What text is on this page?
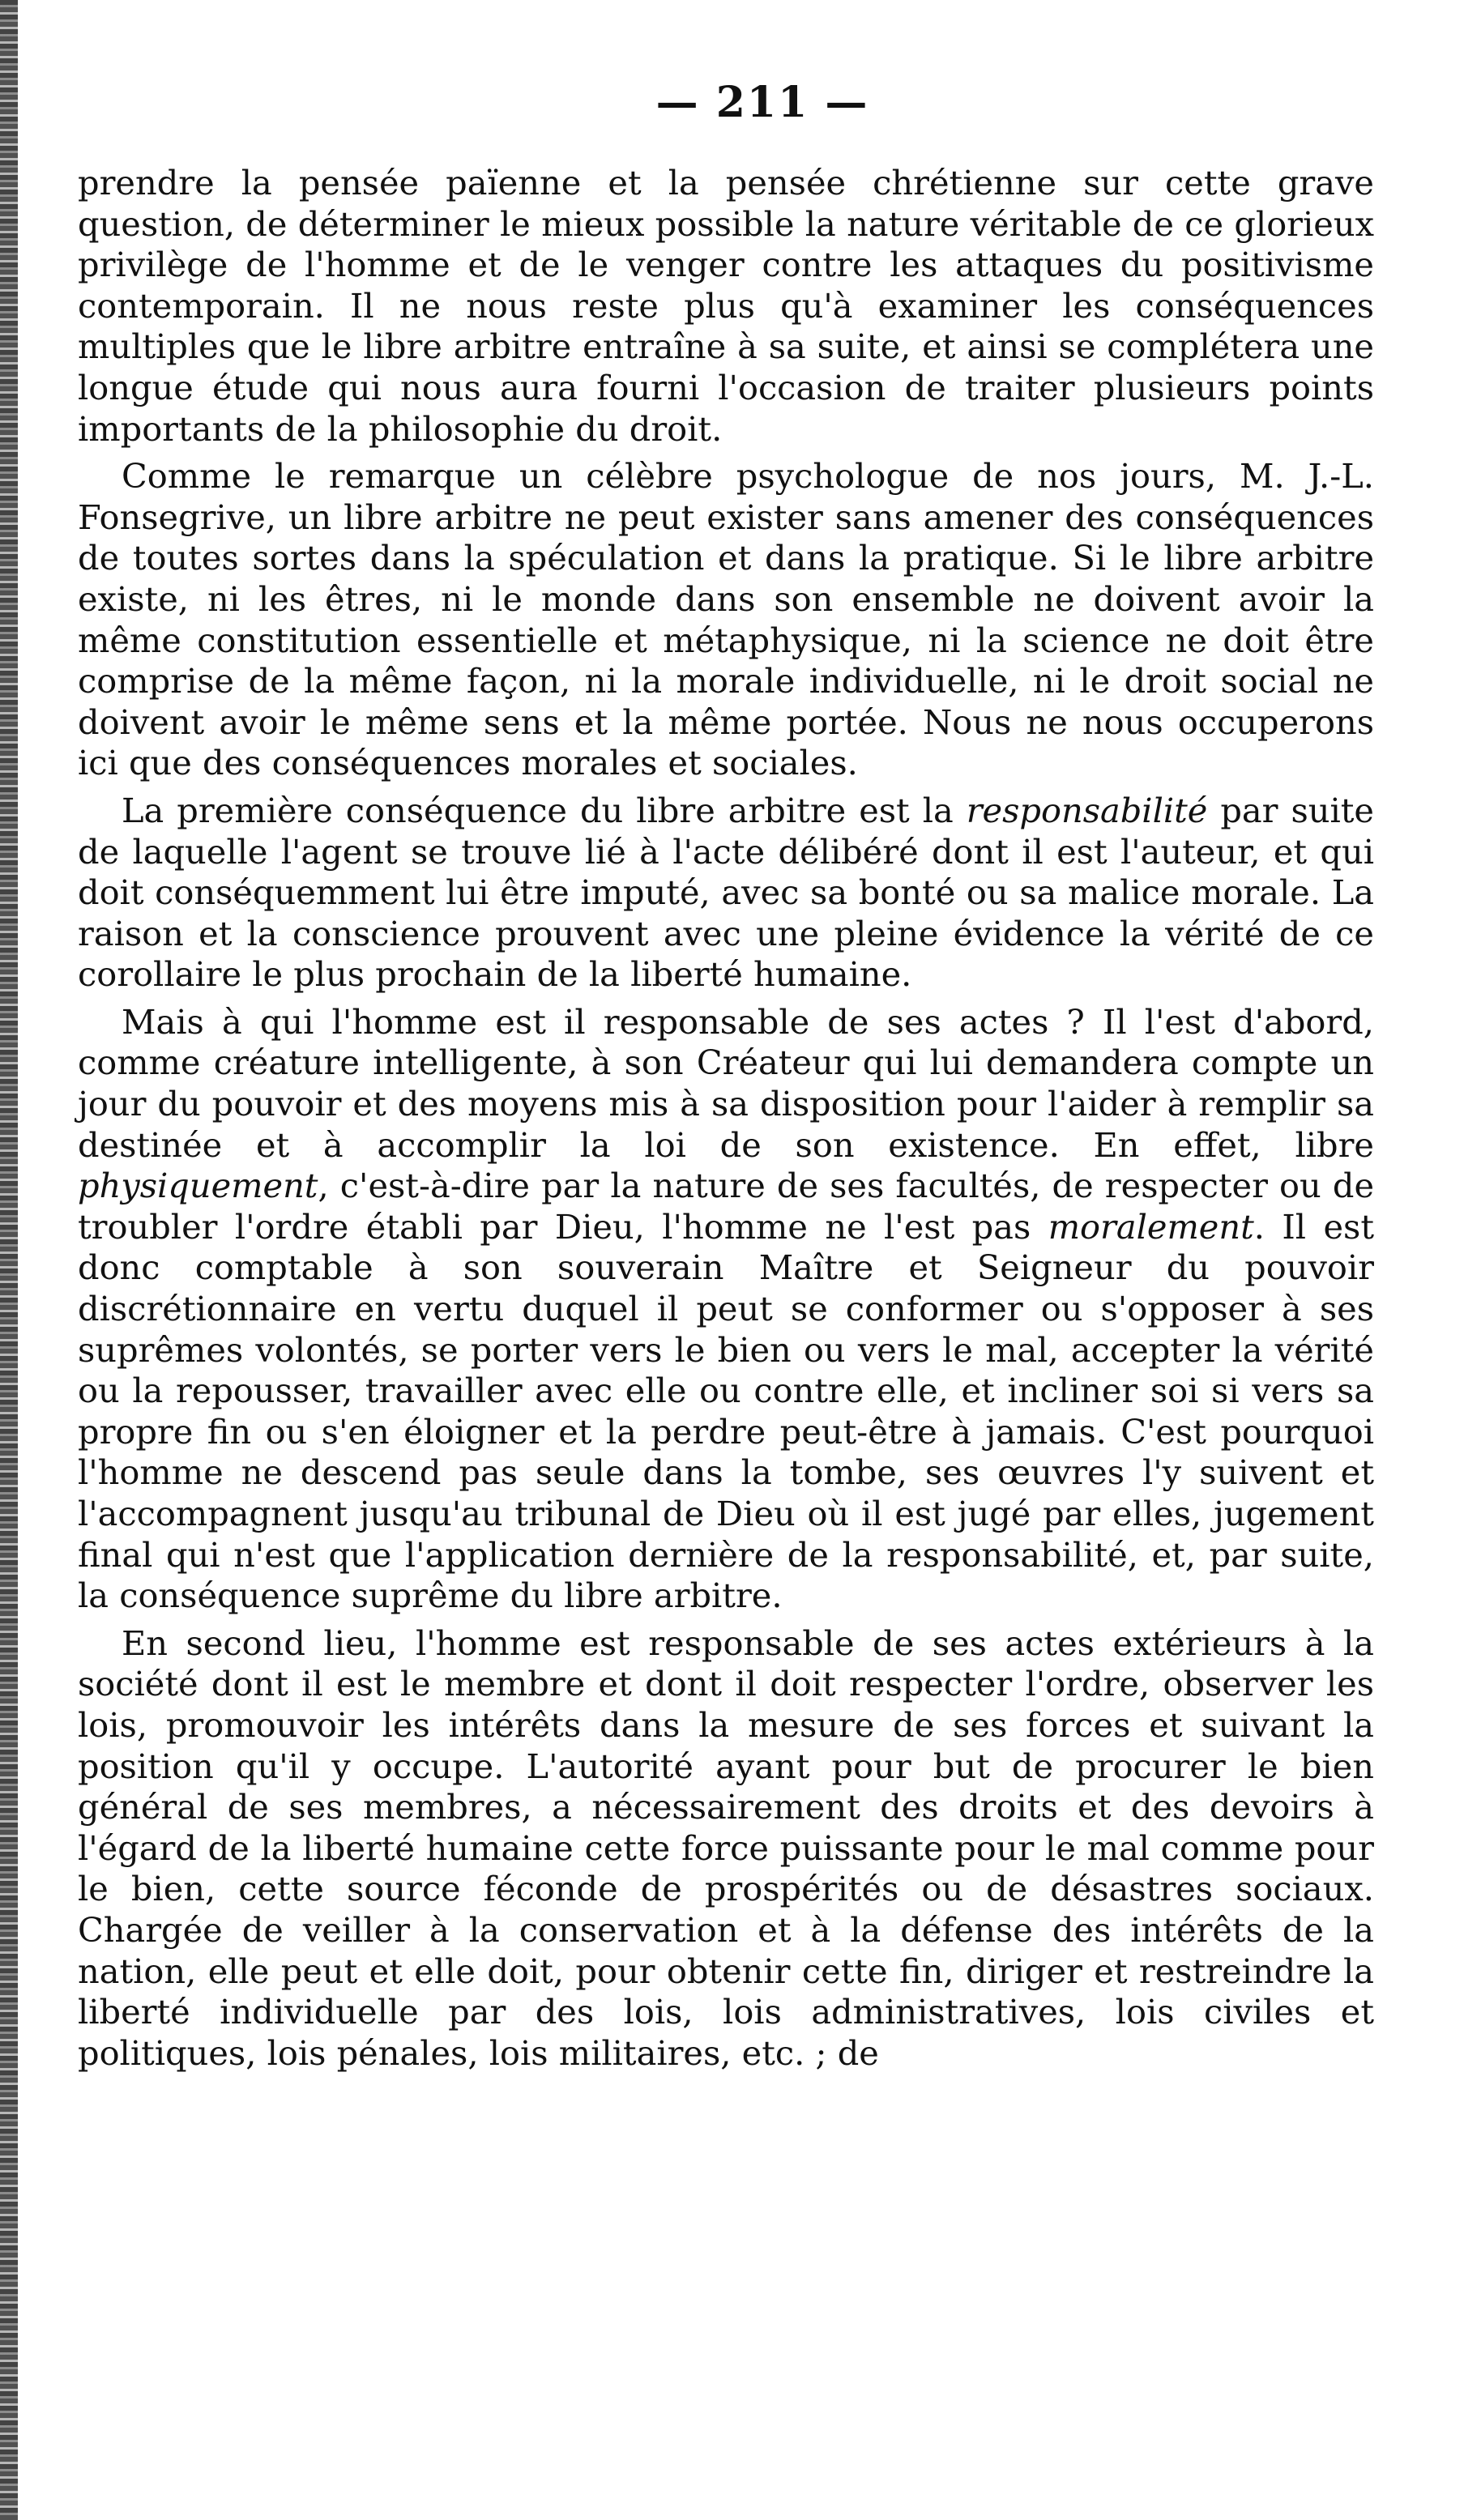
— 211 —

prendre la pensée païenne et la pensée chrétienne sur cette grave question, de déterminer le mieux possible la nature véritable de ce glorieux privilège de l'homme et de le venger contre les attaques du positivisme contemporain. Il ne nous reste plus qu'à examiner les conséquences multiples que le libre arbitre entraîne à sa suite, et ainsi se complétera une longue étude qui nous aura fourni l'occasion de traiter plusieurs points importants de la philosophie du droit.

Comme le remarque un célèbre psychologue de nos jours, M. J.-L. Fonsegrive, un libre arbitre ne peut exister sans amener des conséquences de toutes sortes dans la spéculation et dans la pratique. Si le libre arbitre existe, ni les êtres, ni le monde dans son ensemble ne doivent avoir la même constitution essentielle et métaphysique, ni la science ne doit être comprise de la même façon, ni la morale individuelle, ni le droit social ne doivent avoir le même sens et la même portée. Nous ne nous occuperons ici que des conséquences morales et sociales.

La première conséquence du libre arbitre est la responsabilité par suite de laquelle l'agent se trouve lié à l'acte délibéré dont il est l'auteur, et qui doit conséquemment lui être imputé, avec sa bonté ou sa malice morale. La raison et la conscience prouvent avec une pleine évidence la vérité de ce corollaire le plus prochain de la liberté humaine.

Mais à qui l'homme est il responsable de ses actes ? Il l'est d'abord, comme créature intelligente, à son Créateur qui lui demandera compte un jour du pouvoir et des moyens mis à sa disposition pour l'aider à remplir sa destinée et à accomplir la loi de son existence. En effet, libre physiquement, c'est-à-dire par la nature de ses facultés, de respecter ou de troubler l'ordre établi par Dieu, l'homme ne l'est pas moralement. Il est donc comptable à son souverain Maître et Seigneur du pouvoir discrétionnaire en vertu duquel il peut se conformer ou s'opposer à ses suprêmes volontés, se porter vers le bien ou vers le mal, accepter la vérité ou la repousser, travailler avec elle ou contre elle, et incliner soi si vers sa propre fin ou s'en éloigner et la perdre peut-être à jamais. C'est pourquoi l'homme ne descend pas seule dans la tombe, ses œuvres l'y suivent et l'accompagnent jusqu'au tribunal de Dieu où il est jugé par elles, jugement final qui n'est que l'application dernière de la responsabilité, et, par suite, la conséquence suprême du libre arbitre.

En second lieu, l'homme est responsable de ses actes extérieurs à la société dont il est le membre et dont il doit respecter l'ordre, observer les lois, promouvoir les intérêts dans la mesure de ses forces et suivant la position qu'il y occupe. L'autorité ayant pour but de procurer le bien général de ses membres, a nécessairement des droits et des devoirs à l'égard de la liberté humaine cette force puissante pour le mal comme pour le bien, cette source féconde de prospérités ou de désastres sociaux. Chargée de veiller à la conservation et à la défense des intérêts de la nation, elle peut et elle doit, pour obtenir cette fin, diriger et restreindre la liberté individuelle par des lois, lois administratives, lois civiles et politiques, lois pénales, lois militaires, etc. ; de
